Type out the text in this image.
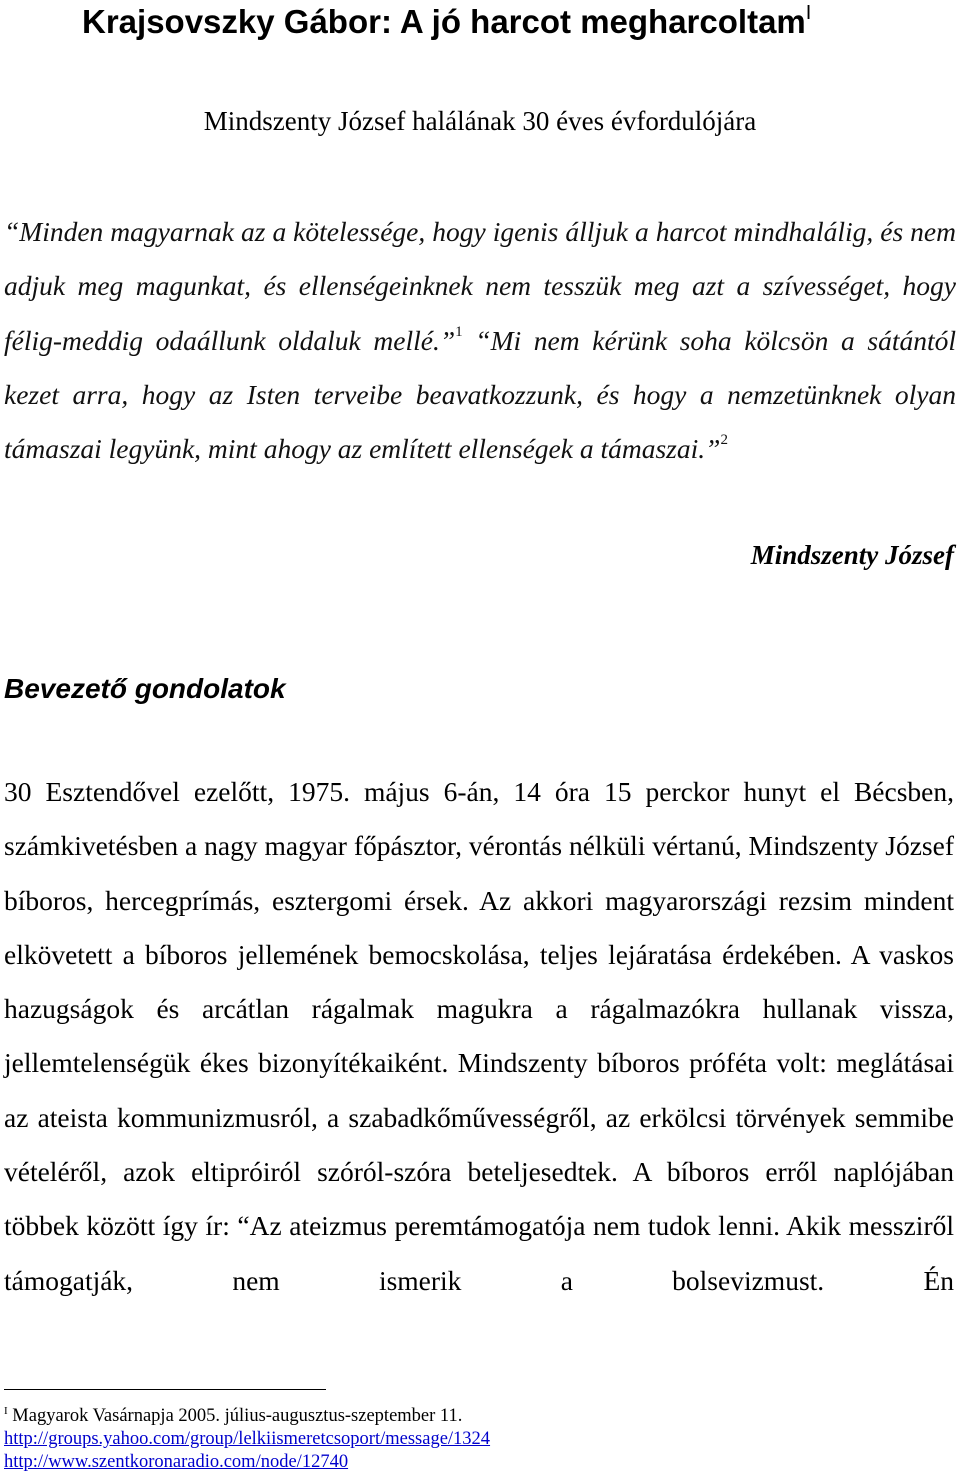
Krajsovszky Gábor: A jó harcot megharcoltam$^I$

Mindszenty József halálának 30 éves évfordulójára

“Minden magyarnak az a kötelessége, hogy igenis álljuk a harcot mindhalálig, és nem adjuk meg magunkat, és ellenségeinknek nem tesszük meg azt a szívességet, hogy félig-meddig odaállunk oldaluk mellé.”$^1$ “Mi nem kérünk soha kölcsön a sátántól kezet arra, hogy az Isten terveibe beavatkozzunk, és hogy a nemzetünknek olyan támaszai legyünk, mint ahogy az említett ellenségek a támaszai.”$^2$

Mindszenty József

Bevezető gondolatok

30 Esztendővel ezelőtt, 1975. május 6-án, 14 óra 15 perckor hunyt el Bécsben, számkivetésben a nagy magyar főpásztor, vérontás nélküli vértanú, Mindszenty József bíboros, hercegprímás, esztergomi érsek. Az akkori magyarországi rezsim mindent elkövetett a bíboros jellemének bemocskolása, teljes lejáratása érdekében. A vaskos hazugságok és arcátlan rágalmak magukra a rágalmazókra hullanak vissza, jellemtelenségük ékes bizonyítékaiként. Mindszenty bíboros próféta volt: meglátásai az ateista kommunizmusról, a szabadkőművességről, az erkölcsi törvények semmibe vételéről, azok eltipróiról szóról-szóra beteljesedtek. A bíboros erről naplójában többek között így ír: “Az ateizmus peremtámogatója nem tudok lenni. Akik messziről támogatják, nem ismerik a bolsevizmust. Én

$^I$ Magyarok Vasárnapja 2005. július-augusztus-szeptember 11.
http://groups.yahoo.com/group/lelkiismeretcsoport/message/1324
http://www.szentkoronaradio.com/node/12740
